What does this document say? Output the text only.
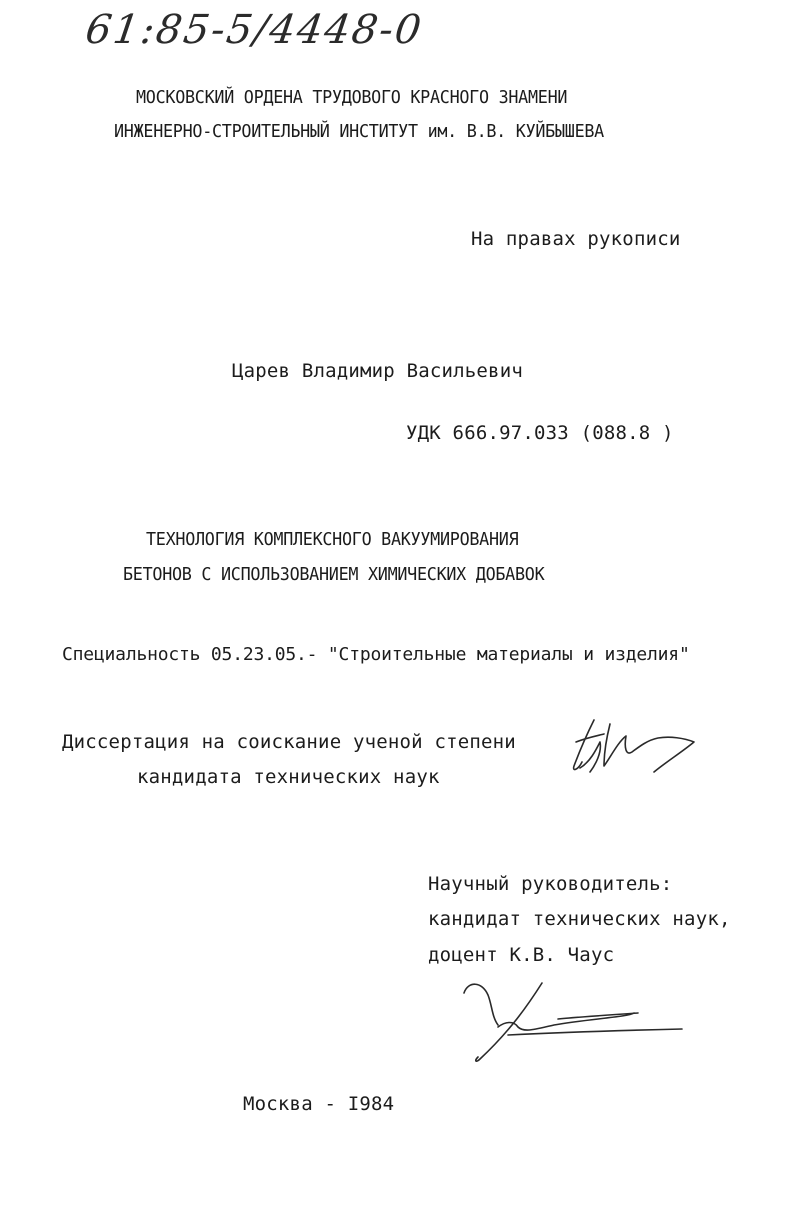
61:85-5/4448-0
МОСКОВСКИЙ ОРДЕНА ТРУДОВОГО КРАСНОГО ЗНАМЕНИ
ИНЖЕНЕРНО-СТРОИТЕЛЬНЫЙ ИНСТИТУТ им. В.В. КУЙБЫШЕВА
На правах рукописи
Царев Владимир Васильевич
УДК 666.97.033 (088.8 )
ТЕХНОЛОГИЯ КОМПЛЕКСНОГО ВАКУУМИРОВАНИЯ
БЕТОНОВ С ИСПОЛЬЗОВАНИЕМ ХИМИЧЕСКИХ ДОБАВОК
Специальность 05.23.05.- "Строительные материалы и изделия"
Диссертация на соискание ученой степени
кандидата технических наук
Научный руководитель:
кандидат технических наук,
доцент К.В. Чаус
Москва - I984
